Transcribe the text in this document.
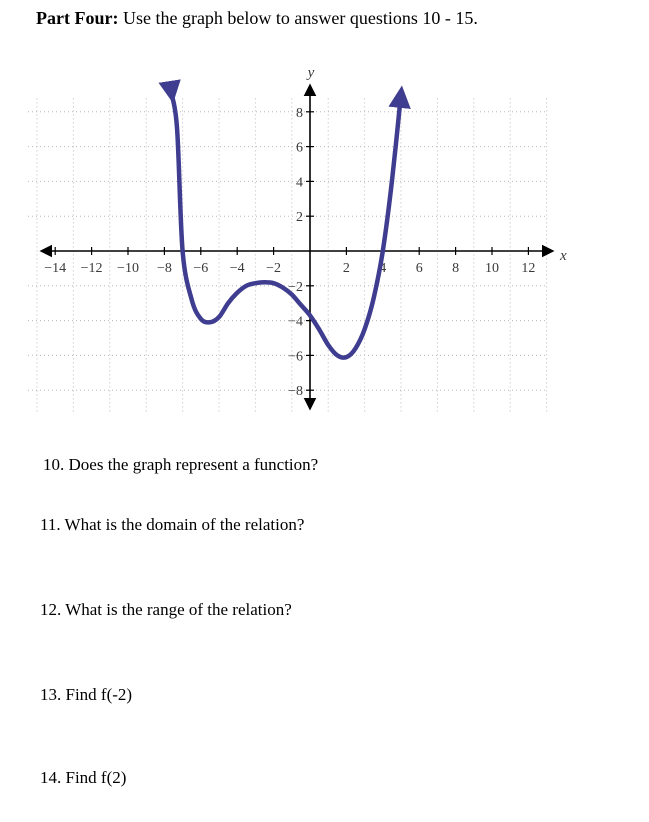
Part Four: Use the graph below to answer questions 10 - 15.
−14 −12 −10 −8 −6 −4 −2	2 4 6 8 10 12
8
6
4
2
−2
−4
−6
−8
x
y
10. Does the graph represent a function?
11. What is the domain of the relation?
12. What is the range of the relation?
13. Find f(-2)
14. Find f(2)
